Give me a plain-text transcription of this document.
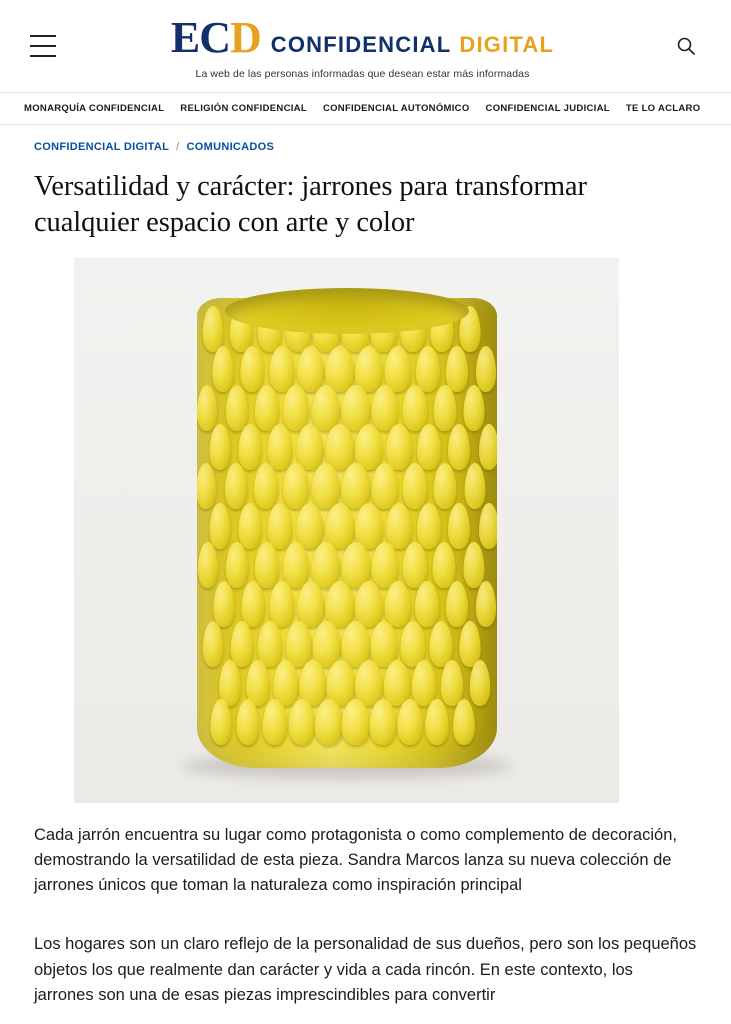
E C D CONFIDENCIAL DIGITAL
La web de las personas informadas que desean estar más informadas
MONARQUÍA CONFIDENCIAL RELIGIÓN CONFIDENCIAL CONFIDENCIAL AUTONÓMICO CONFIDENCIAL JUDICIAL TE LO ACLARO
CONFIDENCIAL DIGITAL / COMUNICADOS
Versatilidad y carácter: jarrones para transformar cualquier espacio con arte y color

Cada jarrón encuentra su lugar como protagonista o como complemento de decoración, demostrando la versatilidad de esta pieza. Sandra Marcos lanza su nueva colección de jarrones únicos que toman la naturaleza como inspiración principal

Los hogares son un claro reflejo de la personalidad de sus dueños, pero son los pequeños objetos los que realmente dan carácter y vida a cada rincón. En este contexto, los jarrones son una de esas piezas imprescindibles para convertir
